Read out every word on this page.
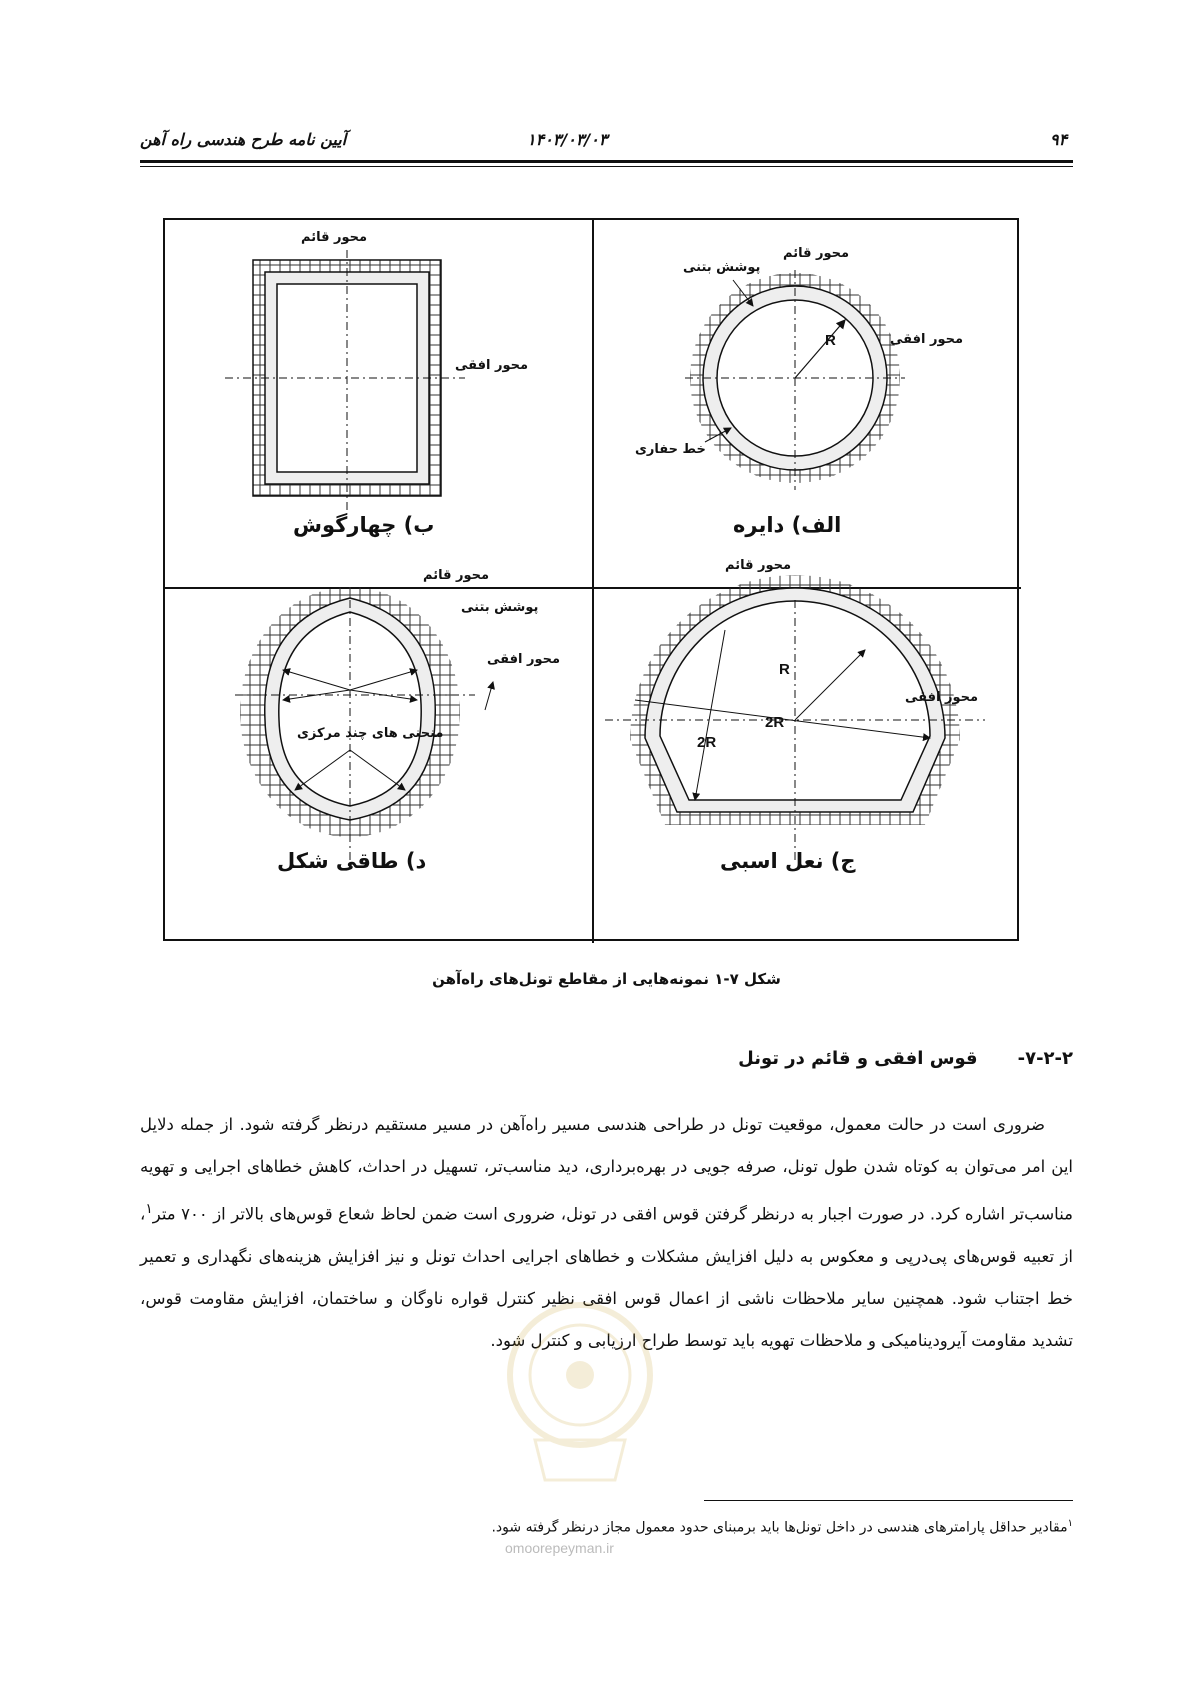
۹۴
۱۴۰۳/۰۳/۰۳
آیین نامه طرح هندسی راه آهن
محور قائم
محور افقی
ب) چهارگوش
محور قائم
پوشش بتنی
محور افقی
خط حفاری
R
الف) دایره
محور قائم
محور افقی
R
2R
2R
ج) نعل اسبی
محور قائم
پوشش بتنی
محور افقی
منحنی های چند مرکزی
د) طاقی شکل
شکل ۷-۱ نمونه‌هایی از مقاطع تونل‌های راه‌آهن
۷-۲-۲-قوس افقی و قائم در تونل

ضروری است در حالت معمول، موقعیت تونل در طراحی هندسی مسیر راه‌آهن در مسیر مستقیم درنظر گرفته شود. از جمله دلایل این امر می‌توان به کوتاه شدن طول تونل، صرفه جویی در بهره‌برداری، دید مناسب‌تر، تسهیل در احداث، کاهش خطاهای اجرایی و تهویه مناسب‌تر اشاره کرد. در صورت اجبار به درنظر گرفتن قوس افقی در تونل، ضروری است ضمن لحاظ شعاع قوس‌های بالاتر از ۷۰۰ متر$^۱$، از تعبیه قوس‌های پی‌درپی و معکوس به دلیل افزایش مشکلات و خطاهای اجرایی احداث تونل و نیز افزایش هزینه‌های نگهداری و تعمیر خط اجتناب شود. همچنین سایر ملاحظات ناشی از اعمال قوس افقی نظیر کنترل قواره ناوگان و ساختمان، افزایش مقاومت قوس، تشدید مقاومت آیرودینامیکی و ملاحظات تهویه باید توسط طراح ارزیابی و کنترل شود.

omoorepeyman.ir
$^۱$مقادیر حداقل پارامترهای هندسی در داخل تونل‌ها باید برمبنای حدود معمول مجاز درنظر گرفته شود.
